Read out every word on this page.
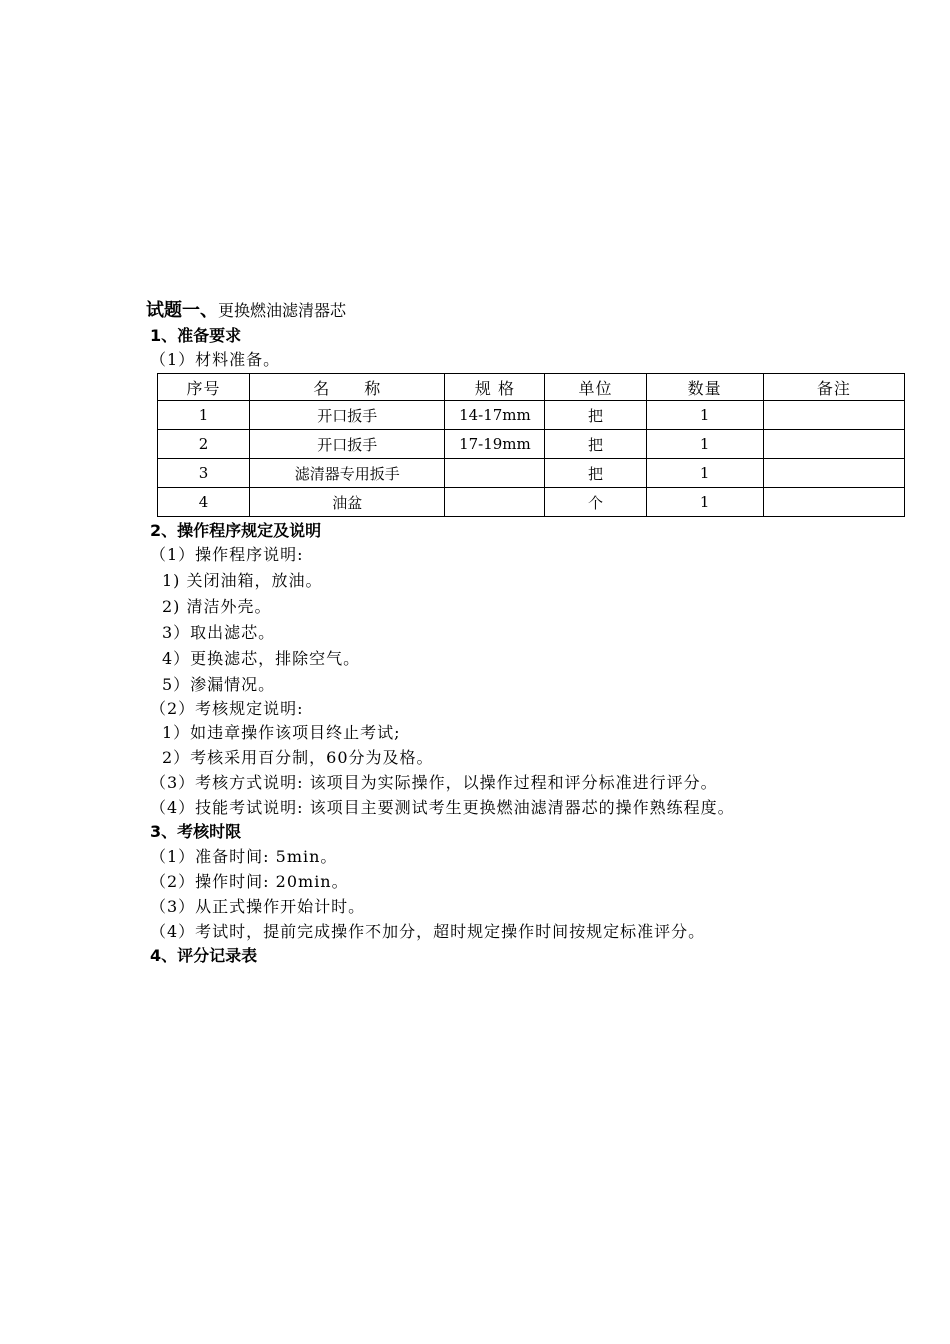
试题一、更换燃油滤清器芯
1、准备要求
（1）材料准备。
序号	名　　称	规 格	单位	数量	备注
1	开口扳手	14-17mm	把	1	
2	开口扳手	17-19mm	把	1	
3	滤清器专用扳手		把	1	
4	油盆		个	1	
2、操作程序规定及说明
（1）操作程序说明:
1) 关闭油箱，放油。
2) 清洁外壳。
3）取出滤芯。
4）更换滤芯，排除空气。
5）渗漏情况。
（2）考核规定说明:
1）如违章操作该项目终止考试;
2）考核采用百分制，60分为及格。
（3）考核方式说明: 该项目为实际操作，以操作过程和评分标准进行评分。
（4）技能考试说明: 该项目主要测试考生更换燃油滤清器芯的操作熟练程度。
3、考核时限
（1）准备时间: 5min。
（2）操作时间: 20min。
（3）从正式操作开始计时。
（4）考试时，提前完成操作不加分，超时规定操作时间按规定标准评分。
4、评分记录表
